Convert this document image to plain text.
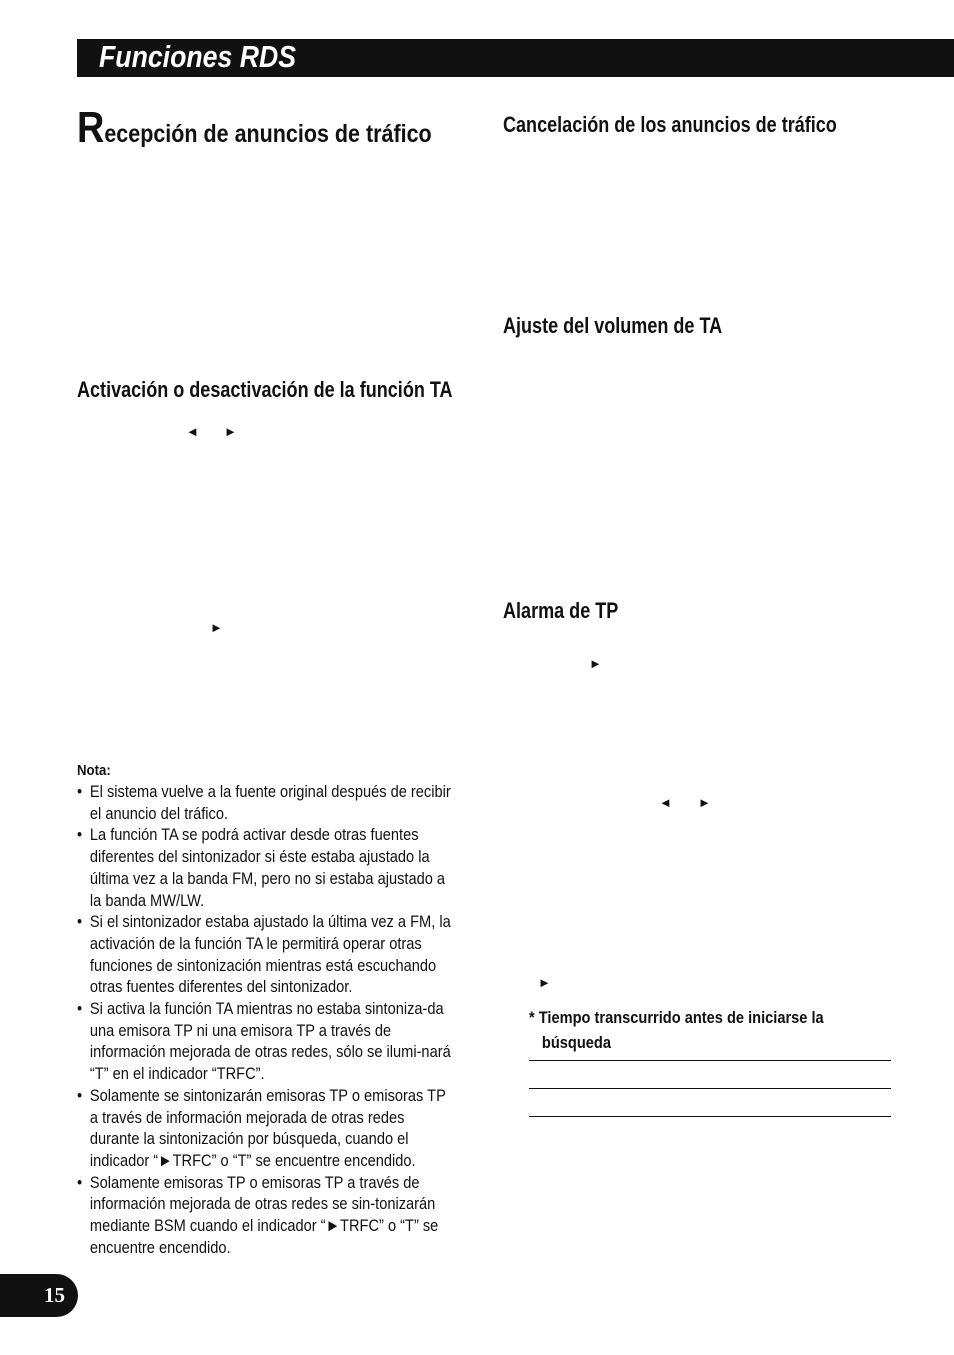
Funciones RDS
Recepción de anuncios de tráfico
Activación o desactivación de la función TA
Cancelación de los anuncios de tráfico
Ajuste del volumen de TA
Alarma de TP
◄ ►
►
►
◄ ►
►
Nota:
• El sistema vuelve a la fuente original después de recibir el anuncio del tráfico.
• La función TA se podrá activar desde otras fuentes diferentes del sintonizador si éste estaba ajustado la última vez a la banda FM, pero no si estaba ajustado a la banda MW/LW.
• Si el sintonizador estaba ajustado la última vez a FM, la activación de la función TA le permitirá operar otras funciones de sintonización mientras está escuchando otras fuentes diferentes del sintonizador.
• Si activa la función TA mientras no estaba sintoniza-da una emisora TP ni una emisora TP a través de información mejorada de otras redes, sólo se ilumi-nará “T” en el indicador “TRFC”.
• Solamente se sintonizarán emisoras TP o emisoras TP a través de información mejorada de otras redes durante la sintonización por búsqueda, cuando el indicador “►TRFC” o “T” se encuentre encendido.
• Solamente emisoras TP o emisoras TP a través de información mejorada de otras redes se sin-tonizarán mediante BSM cuando el indicador “►TRFC” o “T” se encuentre encendido.
* Tiempo transcurrido antes de iniciarse la búsqueda
15
